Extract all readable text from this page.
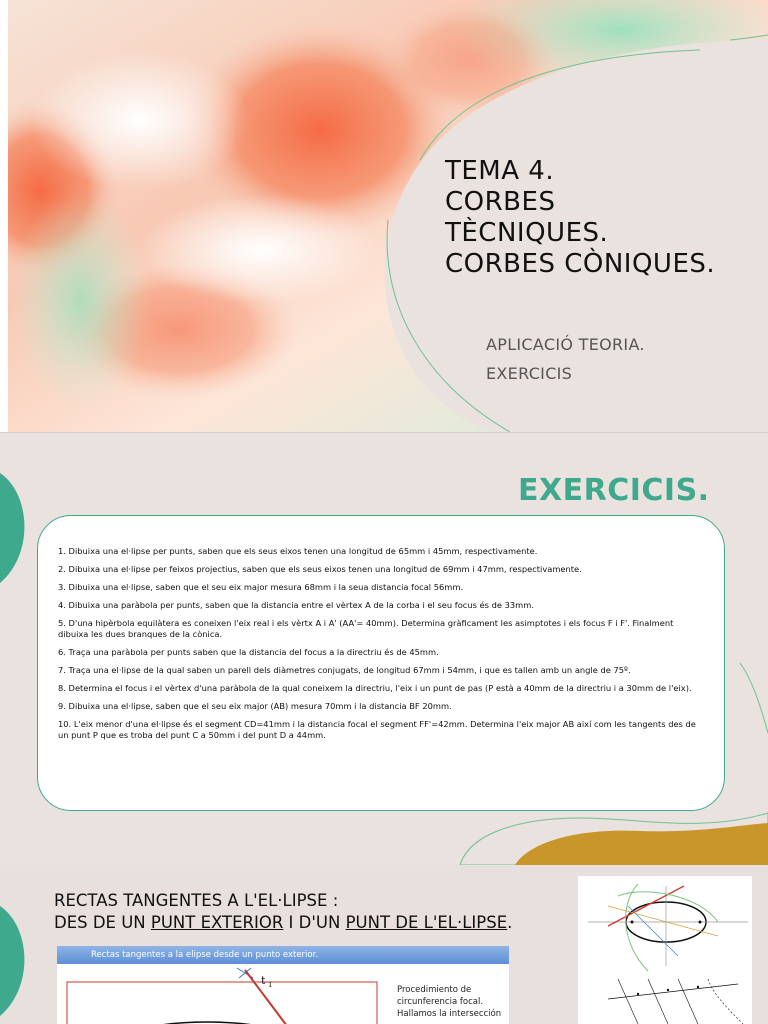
TEMA 4.
CORBES
TÈCNIQUES.
CORBES CÒNIQUES.
APLICACIÓ TEORIA.
EXERCICIS
EXERCICIS.

1. Dibuixa una el·lipse per punts, saben que els seus eixos tenen una longitud de 65mm i 45mm, respectivamente.

2. Dibuixa una el·lipse per feixos projectius, saben que els seus eixos tenen una longitud de 69mm i 47mm, respectivamente.

3. Dibuixa una el·lipse, saben que el seu eix major mesura 68mm i la seua distancia focal 56mm.

4. Dibuixa una paràbola per punts, saben que la distancia entre el vèrtex A de la corba i el seu focus és de 33mm.

5. D'una hipèrbola equilàtera es coneixen l'eix real i els vèrtx A i A' (AA'= 40mm). Determina gràficament les asimptotes i els focus F i F'. Finalment dibuixa les dues branques de la cònica.

6. Traça una paràbola per punts saben que la distancia del focus a la directriu és de 45mm.

7. Traça una el·lipse de la qual saben un parell dels diàmetres conjugats, de longitud 67mm i 54mm, i que es tallen amb un angle de 75º.

8. Determina el focus i el vèrtex d'una paràbola de la qual coneixem la directriu, l'eix i un punt de pas (P està a 40mm de la directriu i a 30mm de l'eix).

9. Dibuixa una el·lipse, saben que el seu eix major (AB) mesura 70mm i la distancia BF 20mm.

10. L'eix menor d'una el·lipse és el segment CD=41mm i la distancia focal el segment FF'=42mm. Determina l'eix major AB així com les tangents des de un punt P que es troba del punt C a 50mm i del punt D a 44mm.

RECTAS TANGENTES A L'EL·LIPSE :
DES DE UN PUNT EXTERIOR I D'UN PUNT DE L'EL·LIPSE.
Rectas tangentes a la elipse desde un punto exterior.
t 1	Procedimiento de
circunferencia focal.
Hallamos la intersección
